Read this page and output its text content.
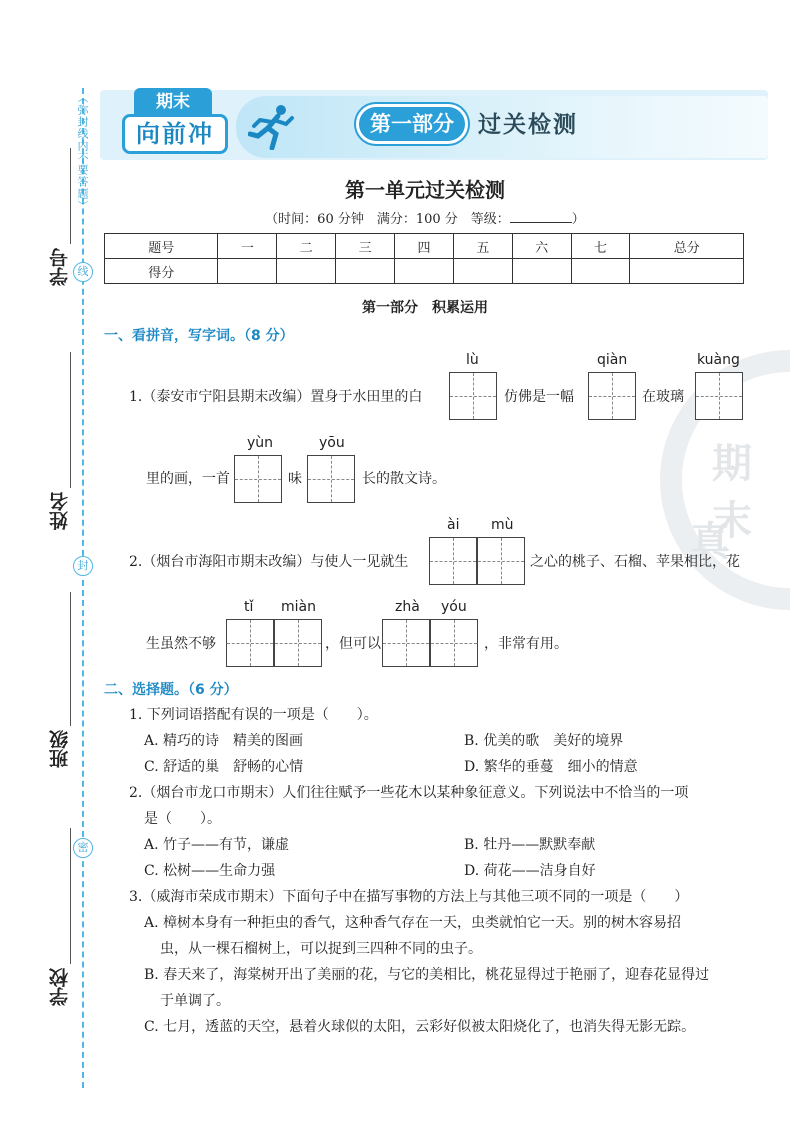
（弥封线内不要答题）
线
封
密
学号
姓名
班级
学校
期末
真
期末
向前冲	第一部分	过关检测
第一单元过关检测
（时间：60 分钟　满分：100 分　等级：	）
题号	一	二	三	四	五	六	七	总分
得分								
第一部分　积累运用
一、看拼音，写字词。（8 分）
lù	qiàn	kuàng
1.（泰安市宁阳县期末改编）置身于水田里的白	仿佛是一幅	在玻璃
yùn	yōu
里的画，一首	味	长的散文诗。
ài mù
2.（烟台市海阳市期末改编）与使人一见就生	之心的桃子、石榴、苹果相比，花
tǐ miàn	zhà yóu
生虽然不够	，但可以	，非常有用。
二、选择题。（6 分）
1. 下列词语搭配有误的一项是（　　）。
A. 精巧的诗　精美的图画	B. 优美的歌　美好的境界
C. 舒适的巢　舒畅的心情	D. 繁华的垂蔓　细小的情意
2.（烟台市龙口市期末）人们往往赋予一些花木以某种象征意义。下列说法中不恰当的一项
是（　　）。
A. 竹子——有节，谦虚	B. 牡丹——默默奉献
C. 松树——生命力强	D. 荷花——洁身自好
3.（威海市荣成市期末）下面句子中在描写事物的方法上与其他三项不同的一项是（　　）
A. 樟树本身有一种拒虫的香气，这种香气存在一天，虫类就怕它一天。别的树木容易招
虫，从一棵石榴树上，可以捉到三四种不同的虫子。
B. 春天来了，海棠树开出了美丽的花，与它的美相比，桃花显得过于艳丽了，迎春花显得过
于单调了。
C. 七月，透蓝的天空，悬着火球似的太阳，云彩好似被太阳烧化了，也消失得无影无踪。
